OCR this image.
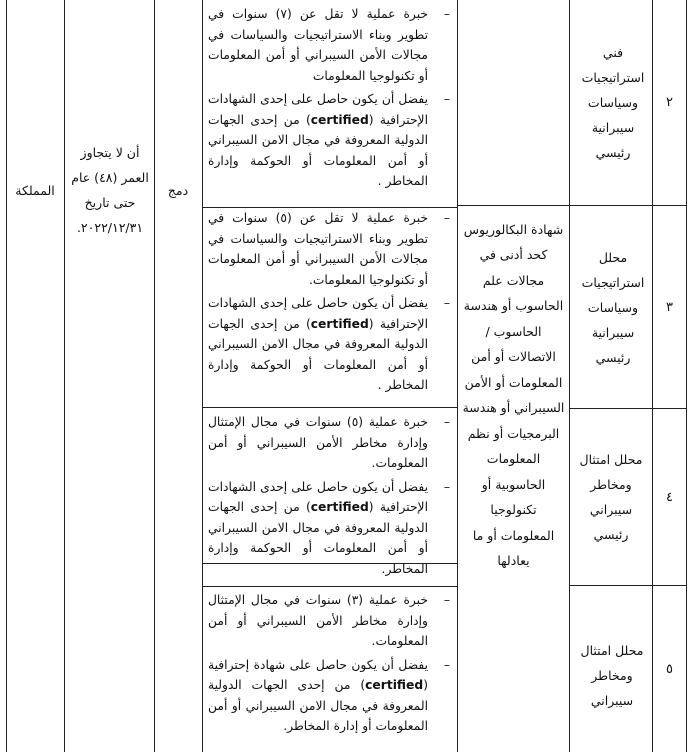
٢
فني استراتيجيات وسياسات سيبرانية رئيسي

– خبرة عملية لا تقل عن (٧) سنوات في تطوير وبناء الاستراتيجيات والسياسات في مجالات الأمن السيبراني أو أمن المعلومات أو تكنولوجيا المعلومات

– يفضل أن يكون حاصل على إحدى الشهادات الإحترافية (certified) من إحدى الجهات الدولية المعروفة في مجال الامن السيبراني أو أمن المعلومات أو الحوكمة وإدارة المخاطر .

٣
محلل استراتيجيات وسياسات سيبرانية رئيسي

– خبرة عملية لا تقل عن (٥) سنوات في تطوير وبناء الاستراتيجيات والسياسات في مجالات الأمن السيبراني أو أمن المعلومات أو تكنولوجيا المعلومات.

– يفضل أن يكون حاصل على إحدى الشهادات الإحترافية (certified) من إحدى الجهات الدولية المعروفة في مجال الامن السيبراني أو أمن المعلومات أو الحوكمة وإدارة المخاطر .

٤
محلل امتثال ومخاطر سيبراني رئيسي

– خبرة عملية (٥) سنوات في مجال الإمتثال وإدارة مخاطر الأمن السيبراني أو أمن المعلومات.

– يفضل أن يكون حاصل على إحدى الشهادات الإحترافية (certified) من إحدى الجهات الدولية المعروفة في مجال الامن السيبراني أو أمن المعلومات أو الحوكمة وإدارة المخاطر.

٥
محلل امتثال ومخاطر سيبراني

– خبرة عملية (٣) سنوات في مجال الإمتثال وإدارة مخاطر الأمن السيبراني أو أمن المعلومات.

– يفضل أن يكون حاصل على شهادة إحترافية (certified) من إحدى الجهات الدولية المعروفة في مجال الامن السيبراني أو أمن المعلومات أو إدارة المخاطر.

شهادة البكالوريوس كحد أدنى في مجالات علم الحاسوب أو هندسة الحاسوب / الاتصالات أو أمن المعلومات أو الأمن السيبراني أو هندسة البرمجيات أو نظم المعلومات الحاسوبية أو تكنولوجيا المعلومات أو ما يعادلها
دمج
أن لا يتجاوز العمر (٤٨) عام حتى تاريخ ٢٠٢٢/١٢/٣١.
المملكة
